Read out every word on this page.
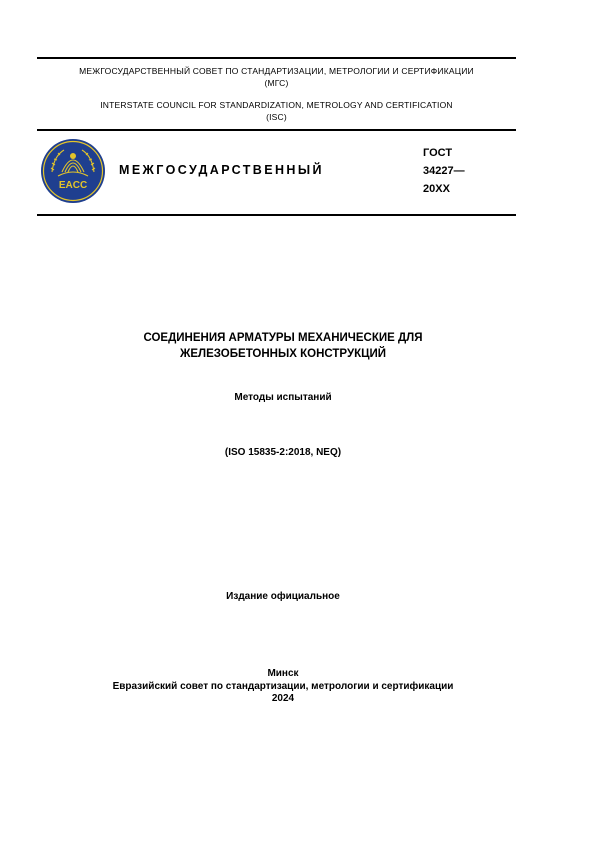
МЕЖГОСУДАРСТВЕННЫЙ СОВЕТ ПО СТАНДАРТИЗАЦИИ, МЕТРОЛОГИИ И СЕРТИФИКАЦИИ
(МГС)
INTERSTATE COUNCIL FOR STANDARDIZATION, METROLOGY AND CERTIFICATION
(ISC)
EACC
МЕЖГОСУДАРСТВЕННЫЙ
ГОСТ
34227—
20ХХ
СОЕДИНЕНИЯ АРМАТУРЫ МЕХАНИЧЕСКИЕ ДЛЯ
ЖЕЛЕЗОБЕТОННЫХ КОНСТРУКЦИЙ
Методы испытаний
(ISO 15835-2:2018, NEQ)
Издание официальное
Минск
Евразийский совет по стандартизации, метрологии и сертификации
2024
